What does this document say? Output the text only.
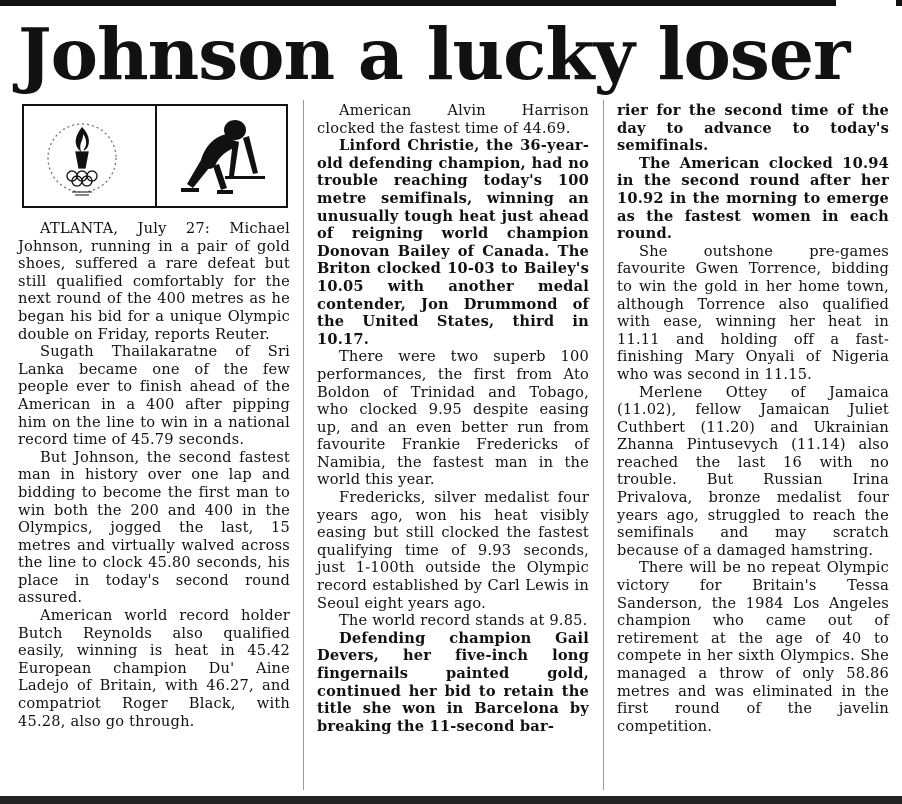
Johnson a lucky loser

ATLANTA, July 27: Michael Johnson, running in a pair of gold shoes, suffered a rare defeat but still qualified comfortably for the next round of the 400 metres as he began his bid for a unique Olympic double on Friday, reports Reuter.

Sugath Thailakaratne of Sri Lanka became one of the few people ever to finish ahead of the American in a 400 after pipping him on the line to win in a national record time of 45.79 seconds.

But Johnson, the second fastest man in history over one lap and bidding to become the first man to win both the 200 and 400 in the Olympics, jogged the last, 15 metres and virtually walved across the line to clock 45.80 seconds, his place in today's second round assured.

American world record holder Butch Reynolds also qualified easily, winning is heat in 45.42 European champion Du' Aine Ladejo of Britain, with 46.27, and compatriot Roger Black, with 45.28, also go through.

American Alvin Harrison clocked the fastest time of 44.69.

Linford Christie, the 36-year-old defending champion, had no trouble reaching today's 100 metre semifinals, winning an unusually tough heat just ahead of reigning world champion Donovan Bailey of Canada. The Briton clocked 10-03 to Bailey's 10.05 with another medal contender, Jon Drummond of the United States, third in 10.17.

There were two superb 100 performances, the first from Ato Boldon of Trinidad and Tobago, who clocked 9.95 despite easing up, and an even better run from favourite Frankie Fredericks of Namibia, the fastest man in the world this year.

Fredericks, silver medalist four years ago, won his heat visibly easing but still clocked the fastest qualifying time of 9.93 seconds, just 1-100th outside the Olympic record established by Carl Lewis in Seoul eight years ago.

The world record stands at 9.85.

Defending champion Gail Devers, her five-inch long fingernails painted gold, continued her bid to retain the title she won in Barcelona by breaking the 11-second bar-

rier for the second time of the day to advance to today's semifinals.

The American clocked 10.94 in the second round after her 10.92 in the morning to emerge as the fastest women in each round.

She outshone pre-games favourite Gwen Torrence, bidding to win the gold in her home town, although Torrence also qualified with ease, winning her heat in 11.11 and holding off a fast-finishing Mary Onyali of Nigeria who was second in 11.15.

Merlene Ottey of Jamaica (11.02), fellow Jamaican Juliet Cuthbert (11.20) and Ukrainian Zhanna Pintusevych (11.14) also reached the last 16 with no trouble. But Russian Irina Privalova, bronze medalist four years ago, struggled to reach the semifinals and may scratch because of a damaged hamstring.

There will be no repeat Olympic victory for Britain's Tessa Sanderson, the 1984 Los Angeles champion who came out of retirement at the age of 40 to compete in her sixth Olympics. She managed a throw of only 58.86 metres and was eliminated in the first round of the javelin competition.
